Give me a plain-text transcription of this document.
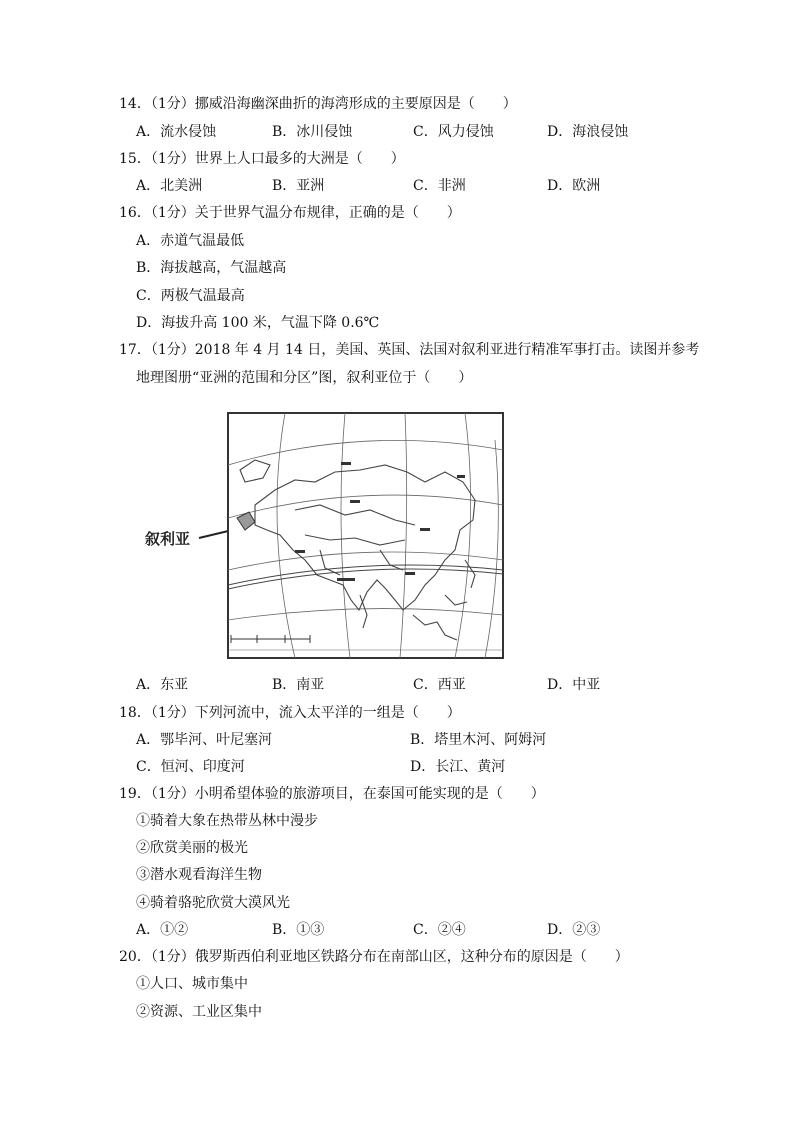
14．（1分）挪威沿海幽深曲折的海湾形成的主要原因是（　　）
A．流水侵蚀	B．冰川侵蚀	C．风力侵蚀	D．海浪侵蚀
15．（1分）世界上人口最多的大洲是（　　）
A．北美洲	B．亚洲	C．非洲	D．欧洲
16．（1分）关于世界气温分布规律，正确的是（　　）
A．赤道气温最低
B．海拔越高，气温越高
C．两极气温最高
D．海拔升高 100 米，气温下降 0.6℃
17．（1分）2018 年 4 月 14 日，美国、英国、法国对叙利亚进行精准军事打击。读图并参考
地理图册“亚洲的范围和分区”图，叙利亚位于（　　）
叙利亚
A．东亚	B．南亚	C．西亚	D．中亚
18．（1分）下列河流中，流入太平洋的一组是（　　）
A．鄂毕河、叶尼塞河	B．塔里木河、阿姆河
C．恒河、印度河	D．长江、黄河
19．（1分）小明希望体验的旅游项目，在泰国可能实现的是（　　）
①骑着大象在热带丛林中漫步
②欣赏美丽的极光
③潜水观看海洋生物
④骑着骆驼欣赏大漠风光
A．①②	B．①③	C．②④	D．②③
20．（1分）俄罗斯西伯利亚地区铁路分布在南部山区，这种分布的原因是（　　）
①人口、城市集中
②资源、工业区集中
